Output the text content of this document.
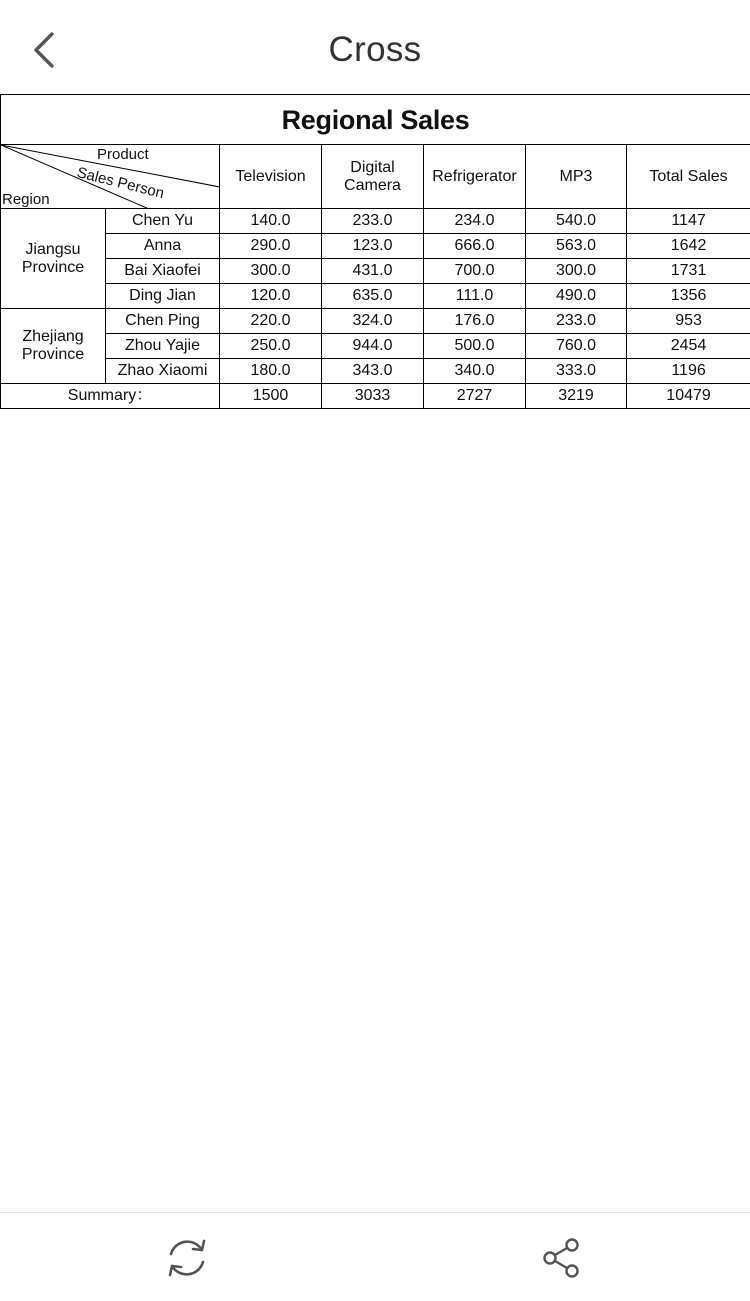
Cross
Regional Sales						

Product
Sales Person
Region		Television	Digital Camera	Refrigerator	MP3	Total Sales
Jiangsu Province	Chen Yu	140.0	233.0	234.0	540.0	1147
	Anna	290.0	123.0	666.0	563.0	1642
	Bai Xiaofei	300.0	431.0	700.0	300.0	1731
	Ding Jian	120.0	635.0	111.0	490.0	1356
Zhejiang Province	Chen Ping	220.0	324.0	176.0	233.0	953
	Zhou Yajie	250.0	944.0	500.0	760.0	2454
	Zhao Xiaomi	180.0	343.0	340.0	333.0	1196
Summary：		1500	3033	2727	3219	10479
